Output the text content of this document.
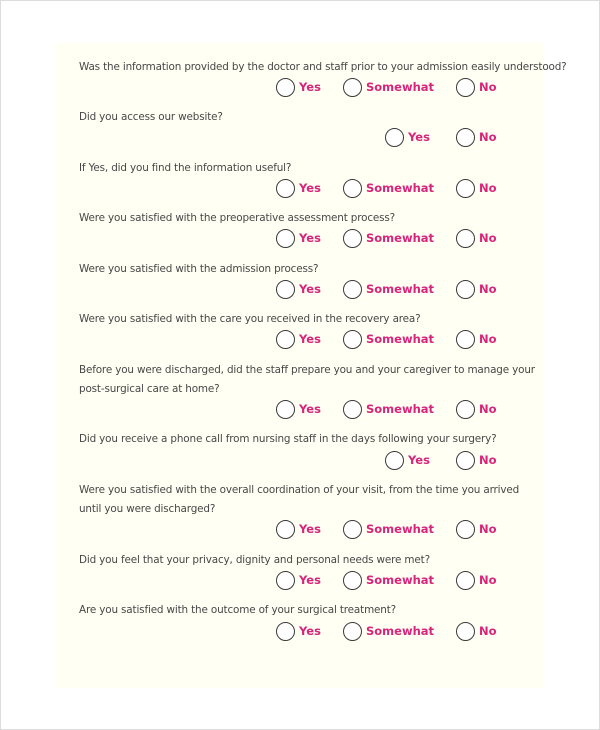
Was the information provided by the doctor and staff prior to your admission easily understood?
Yes	Somewhat	No
Did you access our website?
Yes	No
If Yes, did you find the information useful?
Yes	Somewhat	No
Were you satisfied with the preoperative assessment process?
Yes	Somewhat	No
Were you satisfied with the admission process?
Yes	Somewhat	No
Were you satisfied with the care you received in the recovery area?
Yes	Somewhat	No
Before you were discharged, did the staff prepare you and your caregiver to manage your
post-surgical care at home?
Yes	Somewhat	No
Did you receive a phone call from nursing staff in the days following your surgery?
Yes	No
Were you satisfied with the overall coordination of your visit, from the time you arrived
until you were discharged?
Yes	Somewhat	No
Did you feel that your privacy, dignity and personal needs were met?
Yes	Somewhat	No
Are you satisfied with the outcome of your surgical treatment?
Yes	Somewhat	No
